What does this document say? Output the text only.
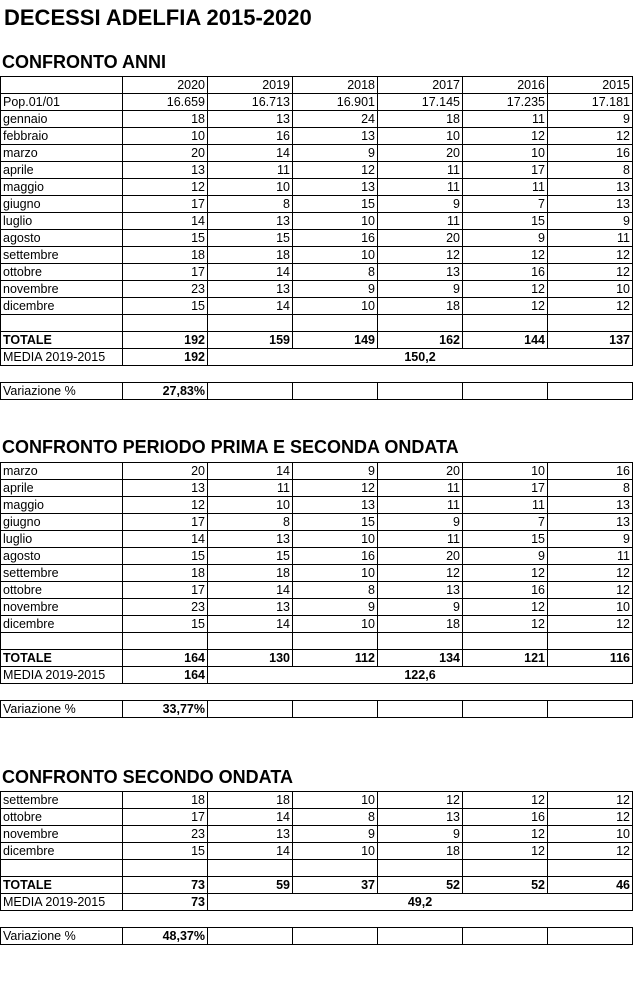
DECESSI ADELFIA 2015-2020
CONFRONTO ANNI
	2020	2019	2018	2017	2016	2015
Pop.01/01	16.659	16.713	16.901	17.145	17.235	17.181
gennaio	18	13	24	18	11	9
febbraio	10	16	13	10	12	12
marzo	20	14	9	20	10	16
aprile	13	11	12	11	17	8
maggio	12	10	13	11	11	13
giugno	17	8	15	9	7	13
luglio	14	13	10	11	15	9
agosto	15	15	16	20	9	11
settembre	18	18	10	12	12	12
ottobre	17	14	8	13	16	12
novembre	23	13	9	9	12	10
dicembre	15	14	10	18	12	12

TOTALE	192	159	149	162	144	137
MEDIA 2019-2015	192	150,2				

Variazione %	27,83%					
CONFRONTO PERIODO PRIMA E SECONDA ONDATA
marzo	20	14	9	20	10	16
aprile	13	11	12	11	17	8
maggio	12	10	13	11	11	13
giugno	17	8	15	9	7	13
luglio	14	13	10	11	15	9
agosto	15	15	16	20	9	11
settembre	18	18	10	12	12	12
ottobre	17	14	8	13	16	12
novembre	23	13	9	9	12	10
dicembre	15	14	10	18	12	12

TOTALE	164	130	112	134	121	116
MEDIA 2019-2015	164	122,6				

Variazione %	33,77%					
CONFRONTO SECONDO ONDATA
settembre	18	18	10	12	12	12
ottobre	17	14	8	13	16	12
novembre	23	13	9	9	12	10
dicembre	15	14	10	18	12	12

TOTALE	73	59	37	52	52	46
MEDIA 2019-2015	73	49,2				

Variazione %	48,37%					
